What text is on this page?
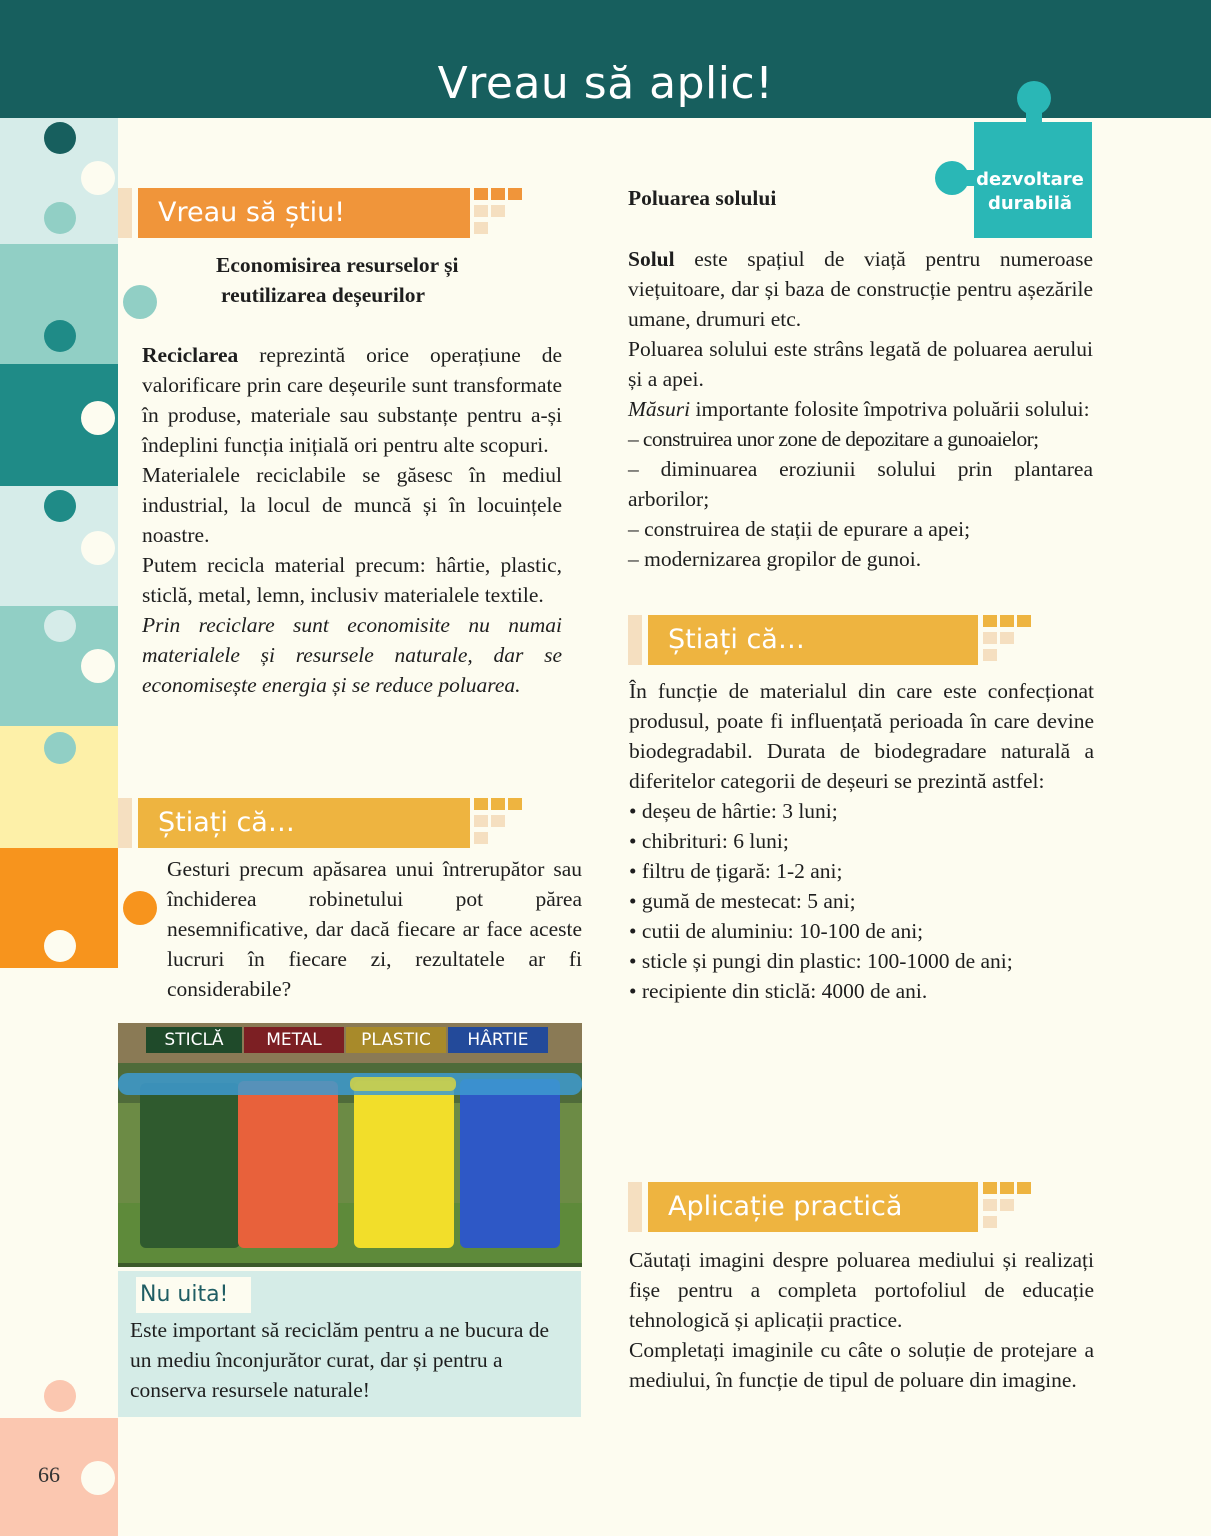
Vreau să aplic!
dezvoltare
durabilă
Vreau să știu!
Economisirea resurselor și
reutilizarea deșeurilor

Reciclarea reprezintă orice operațiune de valorificare prin care deșeurile sunt transformate în produse, materiale sau substanțe pentru a-și îndeplini funcția inițială ori pentru alte scopuri.

Materialele reciclabile se găsesc în mediul industrial, la locul de muncă și în locuințele noastre.

Putem recicla material precum: hârtie, plastic, sticlă, metal, lemn, inclusiv materialele textile.

Prin reciclare sunt economisite nu numai materialele și resursele naturale, dar se economisește energia și se reduce poluarea.

Știați că…

Gesturi precum apăsarea unui întrerupător sau închiderea robinetului pot părea nesemnificative, dar dacă fiecare ar face aceste lucruri în fiecare zi, rezultatele ar fi considerabile?

STICLĂ	METAL	PLASTIC	HÂRTIE
Nu uita!
Este important să reciclăm pentru a ne bucura de un mediu înconjurător curat, dar și pentru a conserva resursele naturale!
Poluarea solului

Solul este spațiul de viață pentru numeroase viețuitoare, dar și baza de construcție pentru așezările umane, drumuri etc.

Poluarea solului este strâns legată de poluarea aerului și a apei.

Măsuri importante folosite împotriva poluării solului:

– construirea unor zone de depozitare a gunoaielor;

– diminuarea eroziunii solului prin plantarea arborilor;

– construirea de stații de epurare a apei;

– modernizarea gropilor de gunoi.

Știați că…

În funcție de materialul din care este confecționat produsul, poate fi influențată perioada în care devine biodegradabil. Durata de biodegradare naturală a diferitelor categorii de deșeuri se prezintă astfel:

• deșeu de hârtie: 3 luni;

• chibrituri: 6 luni;

• filtru de țigară: 1-2 ani;

• gumă de mestecat: 5 ani;

• cutii de aluminiu: 10-100 de ani;

• sticle și pungi din plastic: 100-1000 de ani;

• recipiente din sticlă: 4000 de ani.

Aplicație practică

Căutați imagini despre poluarea mediului și realizați fișe pentru a completa portofoliul de educație tehnologică și aplicații practice.

Completați imaginile cu câte o soluție de protejare a mediului, în funcție de tipul de poluare din imagine.

66
